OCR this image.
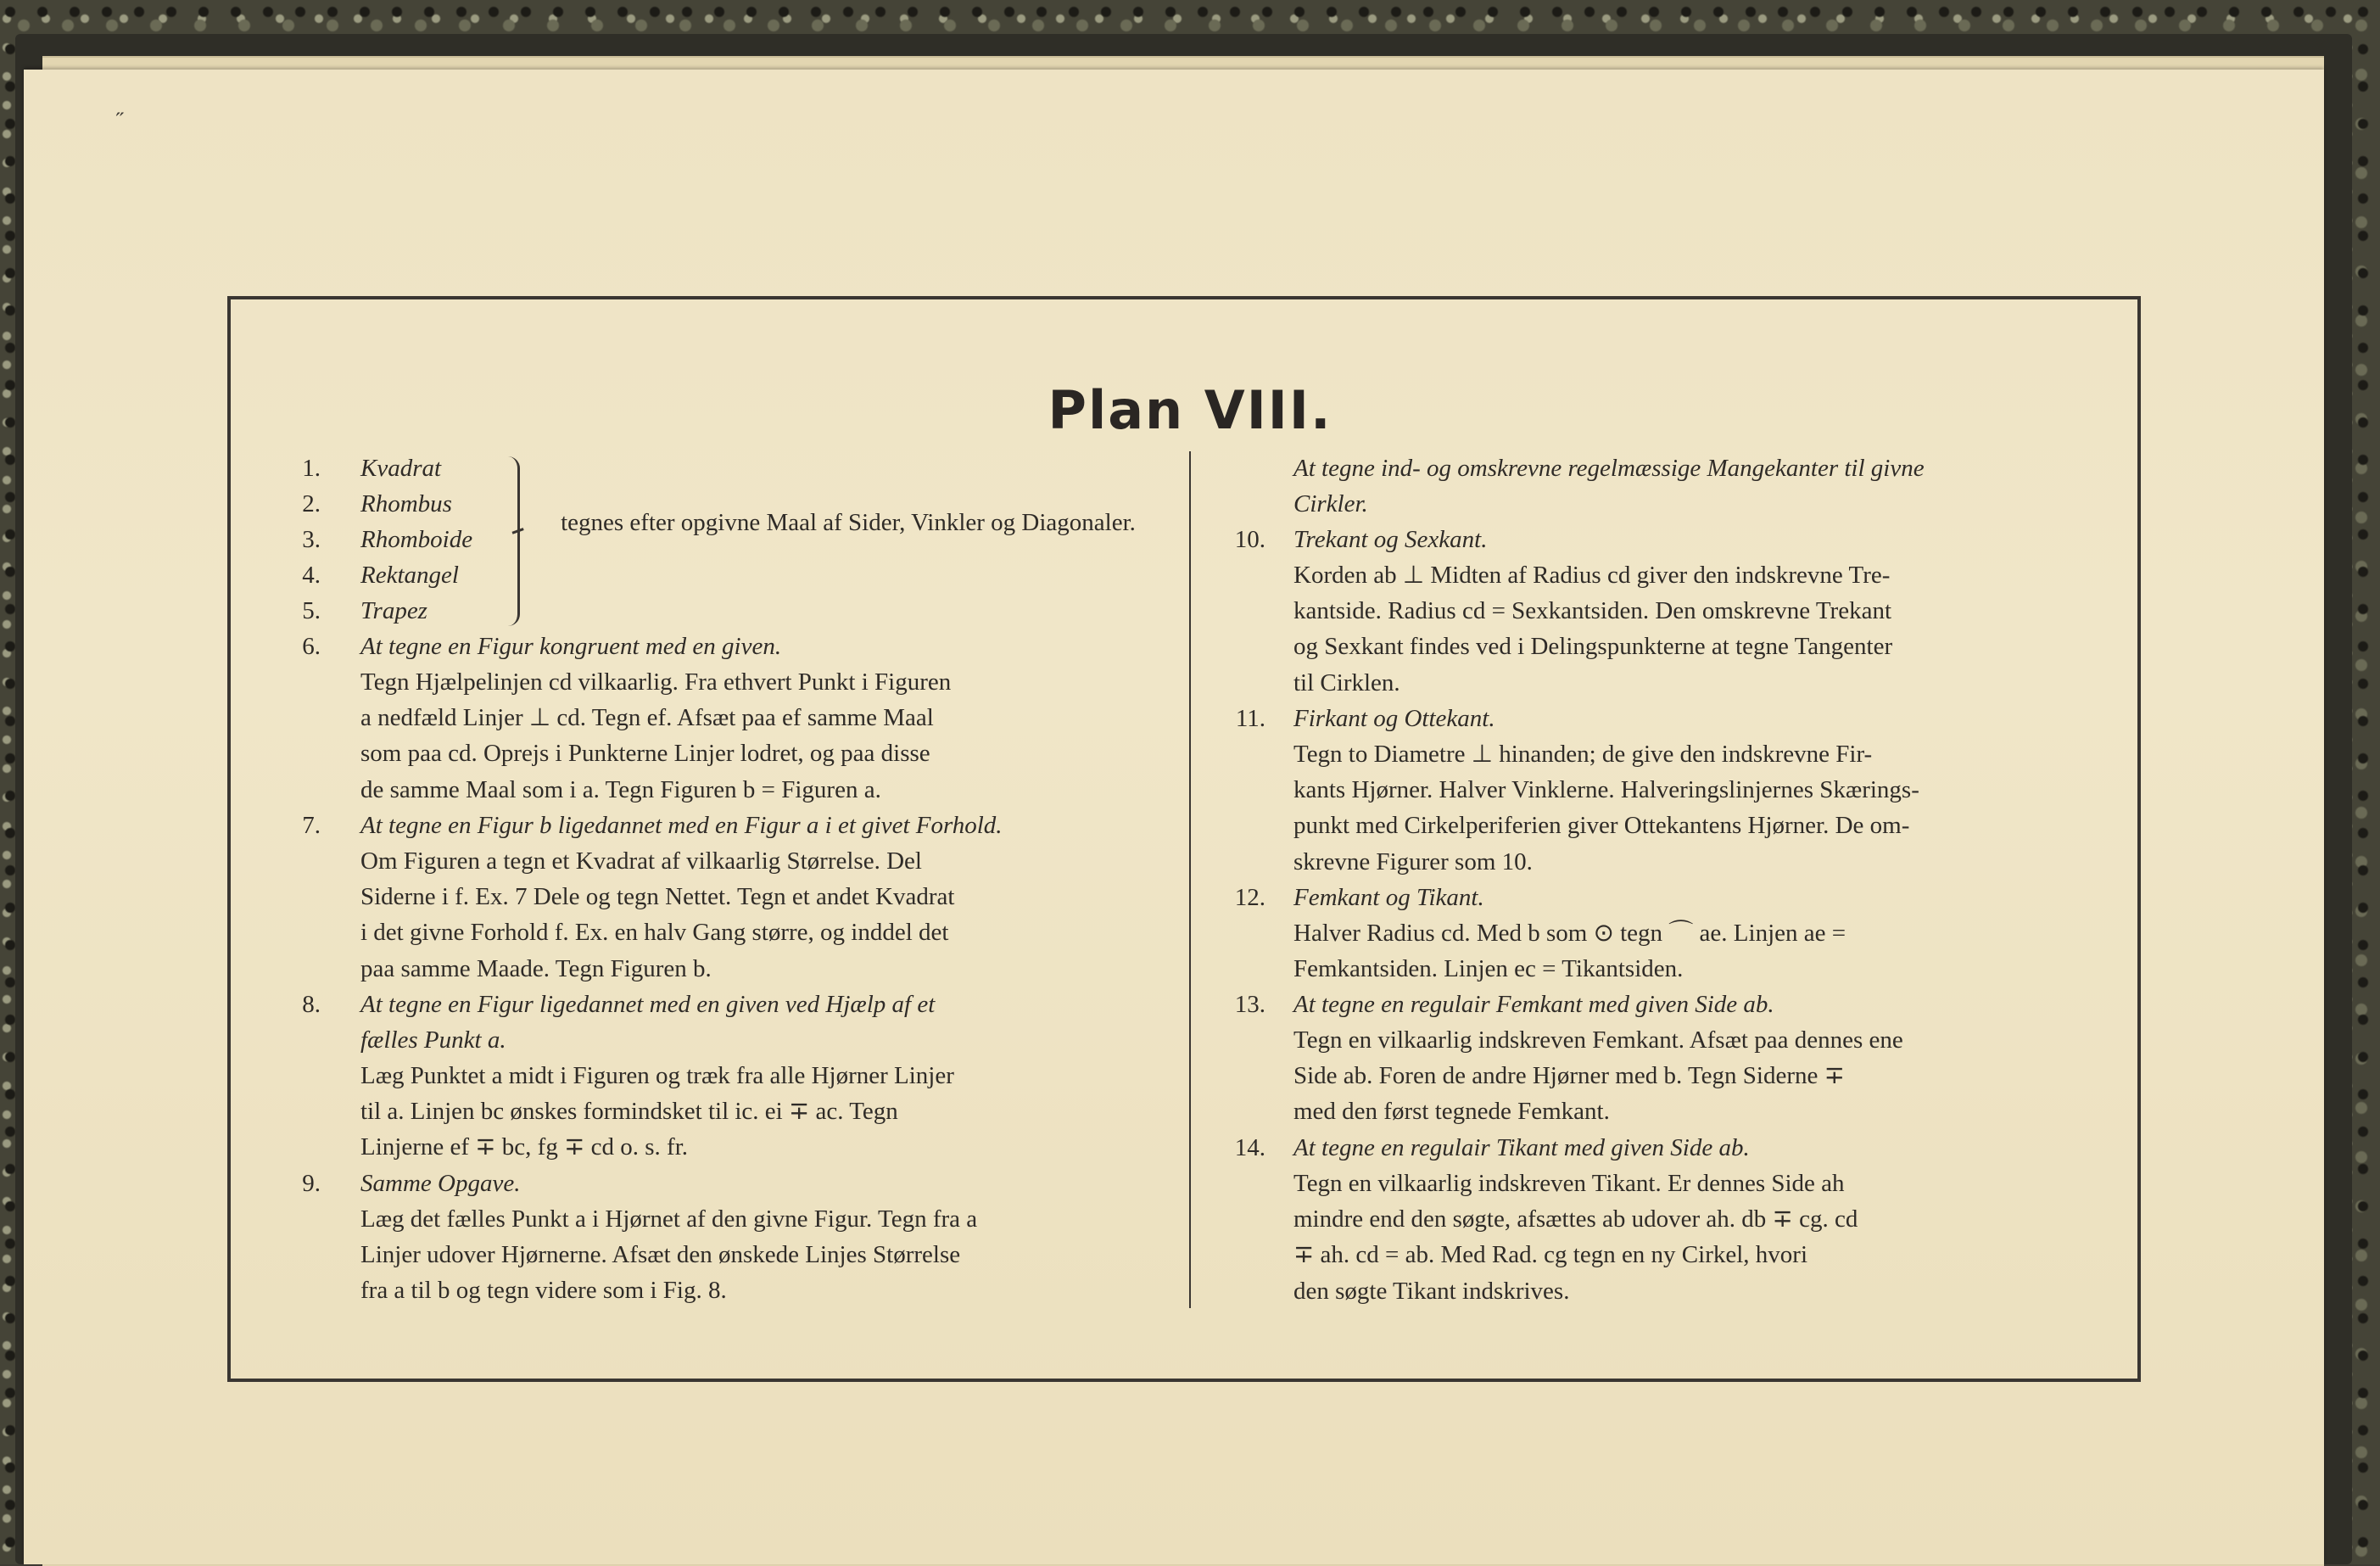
˝
Plan VIII.
1. Kvadrat
2. Rhombus
3. Rhomboide
4. Rektangel
5. Trapez
tegnes efter opgivne Maal af Sider, Vinkler og Diagonaler.
6. At tegne en Figur kongruent med en given.
Tegn Hjælpelinjen cd vilkaarlig. Fra ethvert Punkt i Figuren
a nedfæld Linjer ⊥ cd. Tegn ef. Afsæt paa ef samme Maal
som paa cd. Oprejs i Punkterne Linjer lodret, og paa disse
de samme Maal som i a. Tegn Figuren b = Figuren a.
7. At tegne en Figur b ligedannet med en Figur a i et givet Forhold.
Om Figuren a tegn et Kvadrat af vilkaarlig Størrelse. Del
Siderne i f. Ex. 7 Dele og tegn Nettet. Tegn et andet Kvadrat
i det givne Forhold f. Ex. en halv Gang større, og inddel det
paa samme Maade. Tegn Figuren b.
8. At tegne en Figur ligedannet med en given ved Hjælp af et
fælles Punkt a.
Læg Punktet a midt i Figuren og træk fra alle Hjørner Linjer
til a. Linjen bc ønskes formindsket til ic. ei ∓ ac. Tegn
Linjerne ef ∓ bc, fg ∓ cd o. s. fr.
9. Samme Opgave.
Læg det fælles Punkt a i Hjørnet af den givne Figur. Tegn fra a
Linjer udover Hjørnerne. Afsæt den ønskede Linjes Størrelse
fra a til b og tegn videre som i Fig. 8.
At tegne ind- og omskrevne regelmæssige Mangekanter til givne
Cirkler.
10. Trekant og Sexkant.
Korden ab ⊥ Midten af Radius cd giver den indskrevne Tre-
kantside. Radius cd = Sexkantsiden. Den omskrevne Trekant
og Sexkant findes ved i Delingspunkterne at tegne Tangenter
til Cirklen.
11. Firkant og Ottekant.
Tegn to Diametre ⊥ hinanden; de give den indskrevne Fir-
kants Hjørner. Halver Vinklerne. Halveringslinjernes Skærings-
punkt med Cirkelperiferien giver Ottekantens Hjørner. De om-
skrevne Figurer som 10.
12. Femkant og Tikant.
Halver Radius cd. Med b som ⊙ tegn ⌒ ae. Linjen ae =
Femkantsiden. Linjen ec = Tikantsiden.
13. At tegne en regulair Femkant med given Side ab.
Tegn en vilkaarlig indskreven Femkant. Afsæt paa dennes ene
Side ab. Foren de andre Hjørner med b. Tegn Siderne ∓
med den først tegnede Femkant.
14. At tegne en regulair Tikant med given Side ab.
Tegn en vilkaarlig indskreven Tikant. Er dennes Side ah
mindre end den søgte, afsættes ab udover ah. db ∓ cg. cd
∓ ah. cd = ab. Med Rad. cg tegn en ny Cirkel, hvori
den søgte Tikant indskrives.
